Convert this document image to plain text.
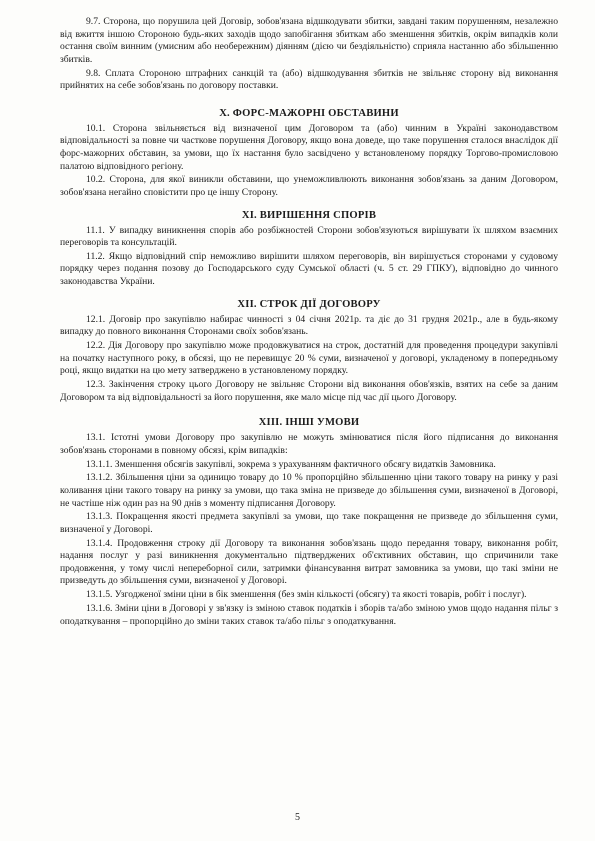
9.7. Сторона, що порушила цей Договір, зобов'язана відшкодувати збитки, завдані таким порушенням, незалежно від вжиття іншою Стороною будь-яких заходів щодо запобігання збиткам або зменшення збитків, окрім випадків коли остання своїм винним (умисним або необережним) діянням (дією чи бездіяльністю) сприяла настанню або збільшенню збитків.

9.8. Сплата Стороною штрафних санкцій та (або) відшкодування збитків не звільняє сторону від виконання прийнятих на себе зобов'язань по договору поставки.

X. ФОРС-МАЖОРНІ ОБСТАВИНИ

10.1. Сторона звільняється від визначеної цим Договором та (або) чинним в Україні законодавством відповідальності за повне чи часткове порушення Договору, якщо вона доведе, що таке порушення сталося внаслідок дії форс-мажорних обставин, за умови, що їх настання було засвідчено у встановленому порядку Торгово-промисловою палатою відповідного регіону.

10.2. Сторона, для якої виникли обставини, що унеможливлюють виконання зобов'язань за даним Договором, зобов'язана негайно сповістити про це іншу Сторону.

XI. ВИРІШЕННЯ СПОРІВ

11.1. У випадку виникнення спорів або розбіжностей Сторони зобов'язуються вирішувати їх шляхом взаємних переговорів та консультацій.

11.2. Якщо відповідний спір неможливо вирішити шляхом переговорів, він вирішується сторонами у судовому порядку через подання позову до Господарського суду Сумської області (ч. 5 ст. 29 ГПКУ), відповідно до чинного законодавства України.

XII. СТРОК ДІЇ ДОГОВОРУ

12.1. Договір про закупівлю набирає чинності з 04 січня 2021р. та діє до 31 грудня 2021р., але в будь-якому випадку до повного виконання Сторонами своїх зобов'язань.

12.2. Дія Договору про закупівлю може продовжуватися на строк, достатній для проведення процедури закупівлі на початку наступного року, в обсязі, що не перевищує 20 % суми, визначеної у договорі, укладеному в попередньому році, якщо видатки на цю мету затверджено в установленому порядку.

12.3. Закінчення строку цього Договору не звільняє Сторони від виконання обов'язків, взятих на себе за даним Договором та від відповідальності за його порушення, яке мало місце під час дії цього Договору.

XIII. ІНШІ УМОВИ

13.1. Істотні умови Договору про закупівлю не можуть змінюватися після його підписання до виконання зобов'язань сторонами в повному обсязі, крім випадків:

13.1.1. Зменшення обсягів закупівлі, зокрема з урахуванням фактичного обсягу видатків Замовника.

13.1.2. Збільшення ціни за одиницю товару до 10 % пропорційно збільшенню ціни такого товару на ринку у разі коливання ціни такого товару на ринку за умови, що така зміна не призведе до збільшення суми, визначеної в Договорі, не частіше ніж один раз на 90 днів з моменту підписання Договору.

13.1.3. Покращення якості предмета закупівлі за умови, що таке покращення не призведе до збільшення суми, визначеної у Договорі.

13.1.4. Продовження строку дії Договору та виконання зобов'язань щодо передання товару, виконання робіт, надання послуг у разі виникнення документально підтверджених об'єктивних обставин, що спричинили таке продовження, у тому числі непереборної сили, затримки фінансування витрат замовника за умови, що такі зміни не призведуть до збільшення суми, визначеної у Договорі.

13.1.5. Узгодженої зміни ціни в бік зменшення (без змін кількості (обсягу) та якості товарів, робіт і послуг).

13.1.6. Зміни ціни в Договорі у зв'язку із зміною ставок податків і зборів та/або зміною умов щодо надання пільг з оподаткування – пропорційно до зміни таких ставок та/або пільг з оподаткування.

5
